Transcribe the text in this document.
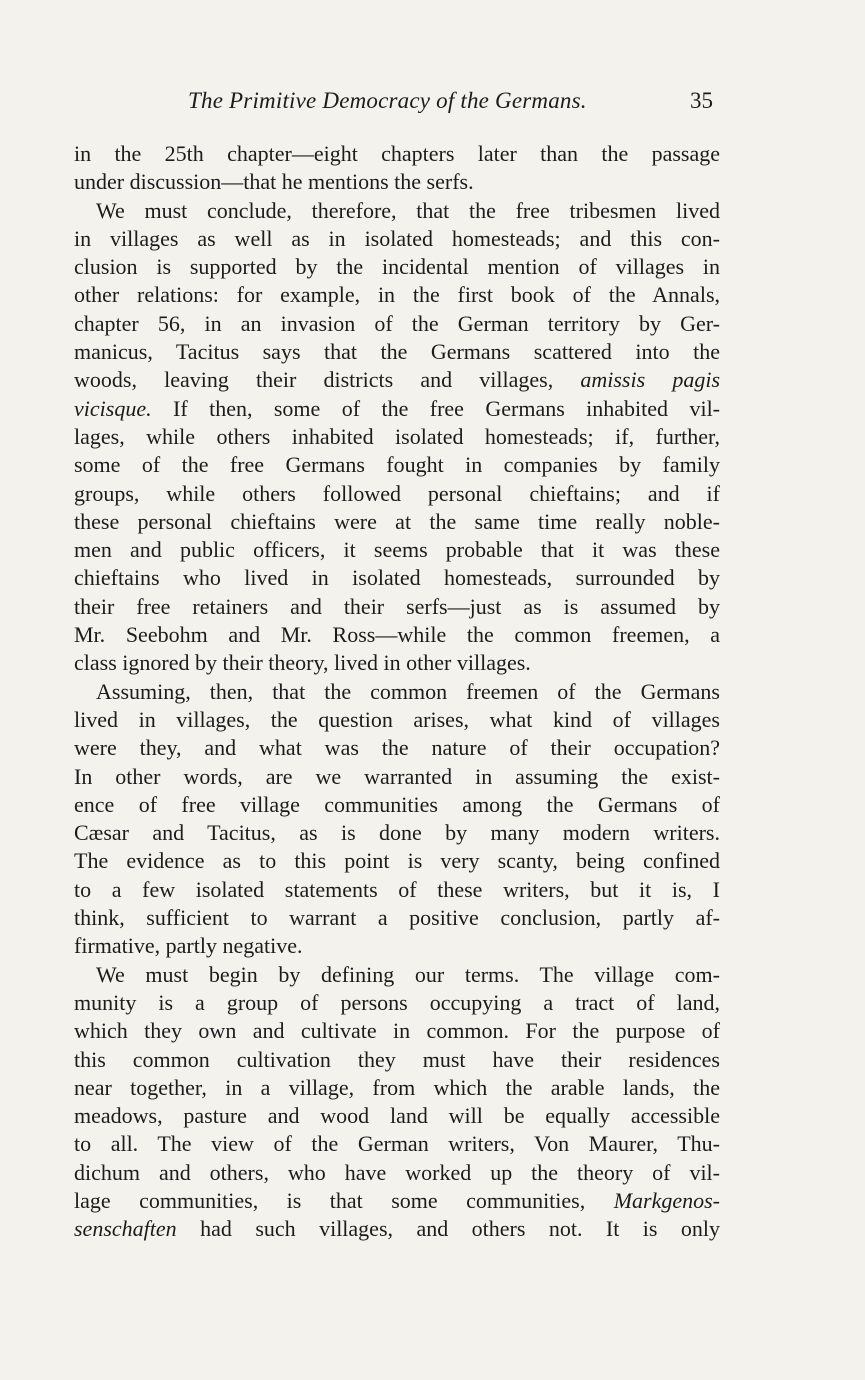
The Primitive Democracy of the Germans.	35
in the 25th chapter—eight chapters later than the passage
under discussion—that he mentions the serfs.
We must conclude, therefore, that the free tribesmen lived
in villages as well as in isolated homesteads; and this con-
clusion is supported by the incidental mention of villages in
other relations: for example, in the first book of the Annals,
chapter 56, in an invasion of the German territory by Ger-
manicus, Tacitus says that the Germans scattered into the
woods, leaving their districts and villages, amissis pagis
vicisque. If then, some of the free Germans inhabited vil-
lages, while others inhabited isolated homesteads; if, further,
some of the free Germans fought in companies by family
groups, while others followed personal chieftains; and if
these personal chieftains were at the same time really noble-
men and public officers, it seems probable that it was these
chieftains who lived in isolated homesteads, surrounded by
their free retainers and their serfs—just as is assumed by
Mr. Seebohm and Mr. Ross—while the common freemen, a
class ignored by their theory, lived in other villages.
Assuming, then, that the common freemen of the Germans
lived in villages, the question arises, what kind of villages
were they, and what was the nature of their occupation?
In other words, are we warranted in assuming the exist-
ence of free village communities among the Germans of
Cæsar and Tacitus, as is done by many modern writers.
The evidence as to this point is very scanty, being confined
to a few isolated statements of these writers, but it is, I
think, sufficient to warrant a positive conclusion, partly af-
firmative, partly negative.
We must begin by defining our terms. The village com-
munity is a group of persons occupying a tract of land,
which they own and cultivate in common. For the purpose of
this common cultivation they must have their residences
near together, in a village, from which the arable lands, the
meadows, pasture and wood land will be equally accessible
to all. The view of the German writers, Von Maurer, Thu-
dichum and others, who have worked up the theory of vil-
lage communities, is that some communities, Markgenos-
senschaften had such villages, and others not. It is only
